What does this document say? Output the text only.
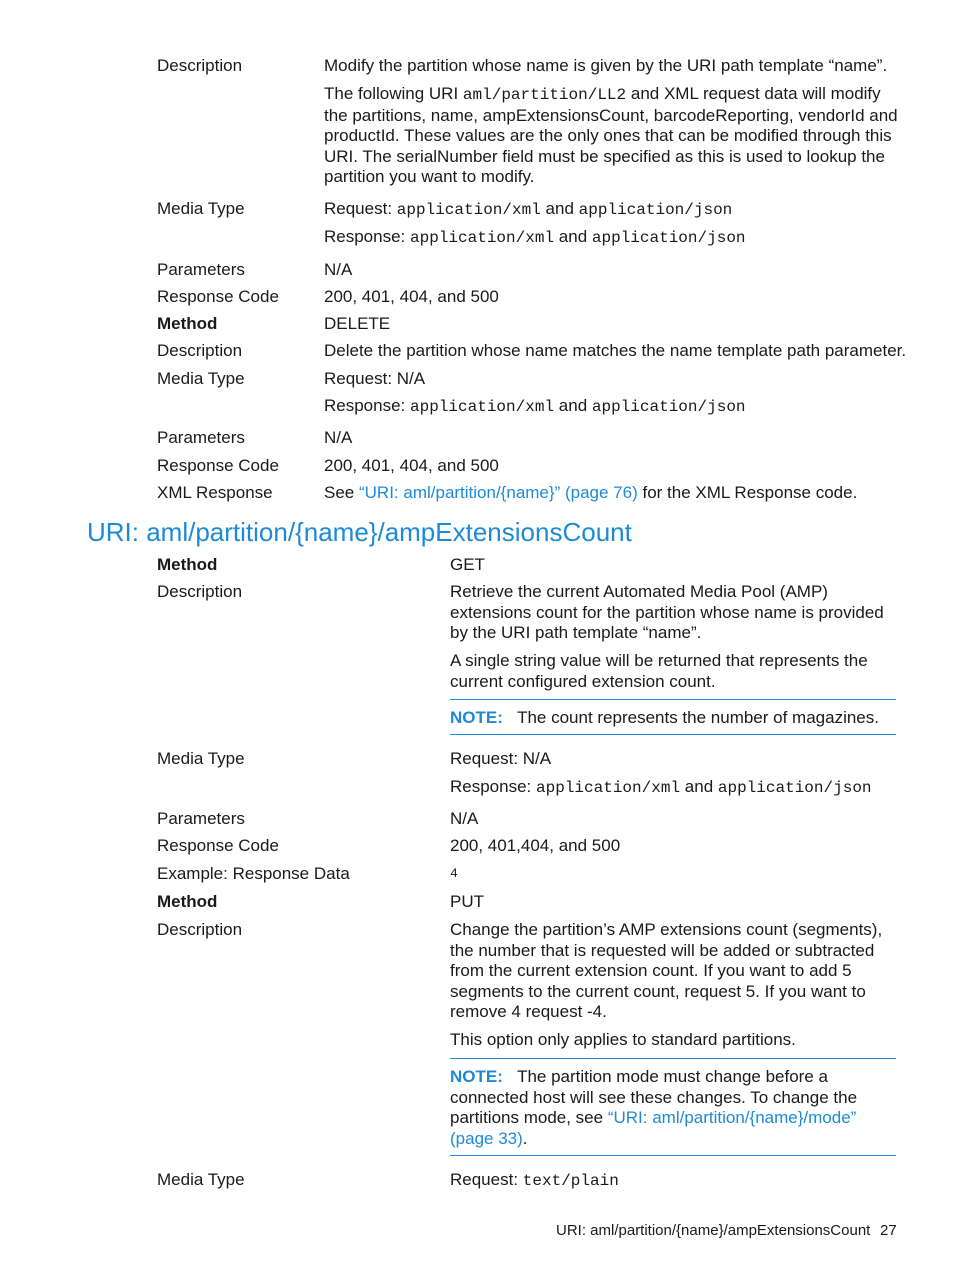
Description	Modify the partition whose name is given by the URI path template “name”.
The following URI aml/partition/LL2 and XML request data will modify the partitions, name, ampExtensionsCount, barcodeReporting, vendorId and productId. These values are the only ones that can be modified through this URI. The serialNumber field must be specified as this is used to lookup the partition you want to modify.
Media Type	Request: application/xml and application/json
Response: application/xml and application/json
Parameters	N/A
Response Code	200, 401, 404, and 500
Method	DELETE
Description	Delete the partition whose name matches the name template path parameter.
Media Type	Request: N/A
Response: application/xml and application/json
Parameters	N/A
Response Code	200, 401, 404, and 500
XML Response	See “URI: aml/partition/{name}” (page 76) for the XML Response code.
URI: aml/partition/{name}/ampExtensionsCount
Method	GET
Description	Retrieve the current Automated Media Pool (AMP) extensions count for the partition whose name is provided by the URI path template “name”.
A single string value will be returned that represents the current configured extension count.
NOTE: The count represents the number of magazines.
Media Type	Request: N/A
Response: application/xml and application/json
Parameters	N/A
Response Code	200, 401,404, and 500
Example: Response Data	4
Method	PUT
Description	Change the partition’s AMP extensions count (segments), the number that is requested will be added or subtracted from the current extension count. If you want to add 5 segments to the current count, request 5. If you want to remove 4 request -4.
This option only applies to standard partitions.
NOTE: The partition mode must change before a connected host will see these changes. To change the partitions mode, see “URI: aml/partition/{name}/mode” (page 33).
Media Type	Request: text/plain
URI: aml/partition/{name}/ampExtensionsCount 27
